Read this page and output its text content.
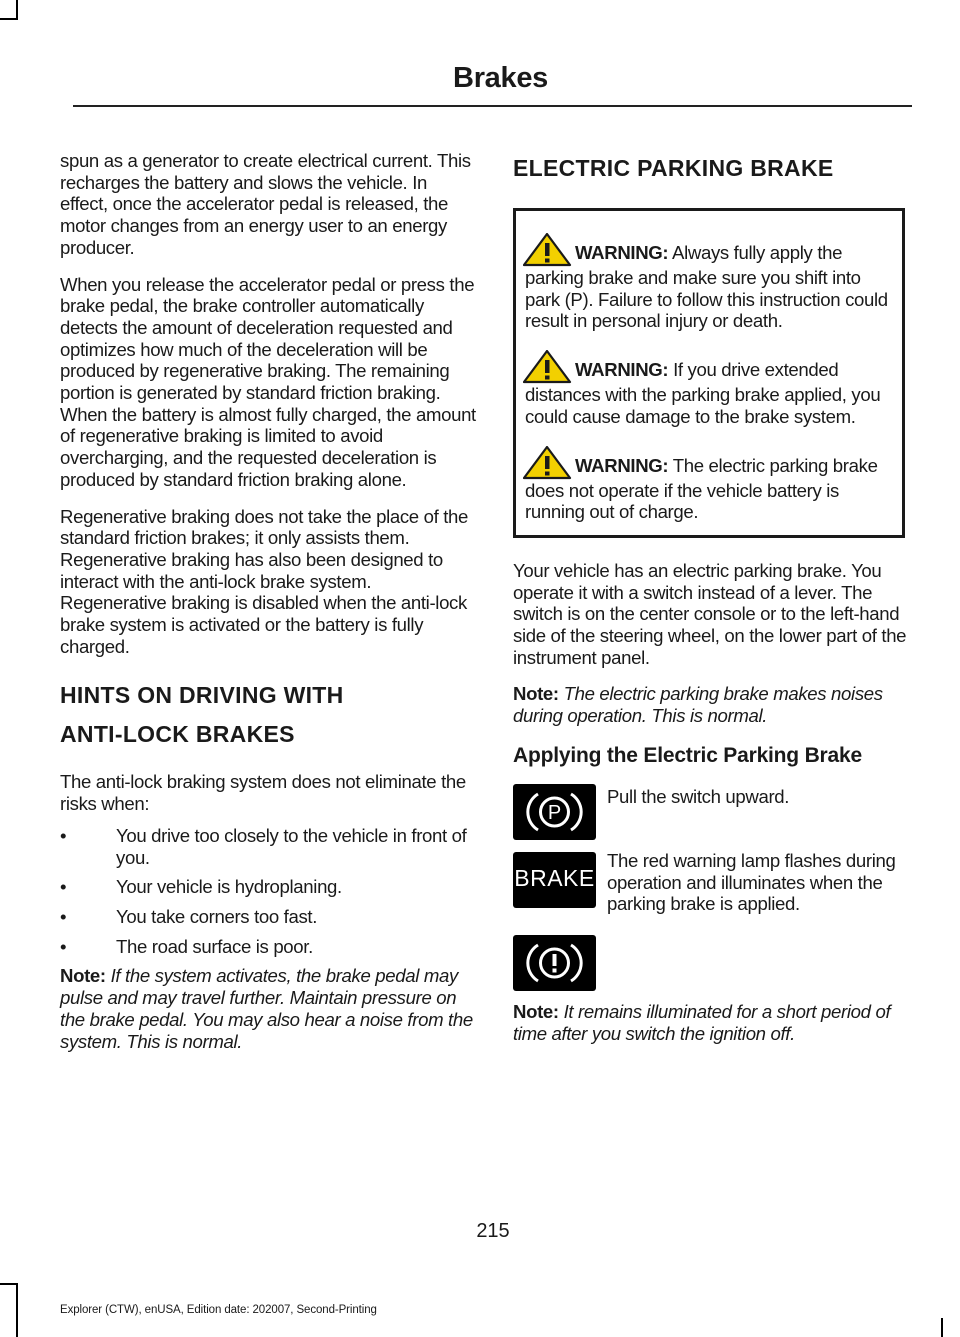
Brakes

spun as a generator to create electrical current. This recharges the battery and slows the vehicle. In effect, once the accelerator pedal is released, the motor changes from an energy user to an energy producer.

When you release the accelerator pedal or press the brake pedal, the brake controller automatically detects the amount of deceleration requested and optimizes how much of the deceleration will be produced by regenerative braking. The remaining portion is generated by standard friction braking. When the battery is almost fully charged, the amount of regenerative braking is limited to avoid overcharging, and the requested deceleration is produced by standard friction braking alone.

Regenerative braking does not take the place of the standard friction brakes; it only assists them. Regenerative braking has also been designed to interact with the anti-lock brake system. Regenerative braking is disabled when the anti-lock brake system is activated or the battery is fully charged.

HINTS ON DRIVING WITH
ANTI-LOCK BRAKES

The anti-lock braking system does not eliminate the risks when:

•	You drive too closely to the vehicle in front of you.
•	Your vehicle is hydroplaning.
•	You take corners too fast.
•	The road surface is poor.

Note: If the system activates, the brake pedal may pulse and may travel further. Maintain pressure on the brake pedal. You may also hear a noise from the system. This is normal.

ELECTRIC PARKING BRAKE
WARNING: Always fully apply the parking brake and make sure you shift into park (P). Failure to follow this instruction could result in personal injury or death.
WARNING: If you drive extended distances with the parking brake applied, you could cause damage to the brake system.
WARNING: The electric parking brake does not operate if the vehicle battery is running out of charge.

Your vehicle has an electric parking brake. You operate it with a switch instead of a lever. The switch is on the center console or to the left-hand side of the steering wheel, on the lower part of the instrument panel.

Note: The electric parking brake makes noises during operation. This is normal.

Applying the Electric Parking Brake
P

Pull the switch upward.

BRAKE

The red warning lamp flashes during operation and illuminates when the parking brake is applied.

Note: It remains illuminated for a short period of time after you switch the ignition off.

215
Explorer (CTW), enUSA, Edition date: 202007, Second-Printing
